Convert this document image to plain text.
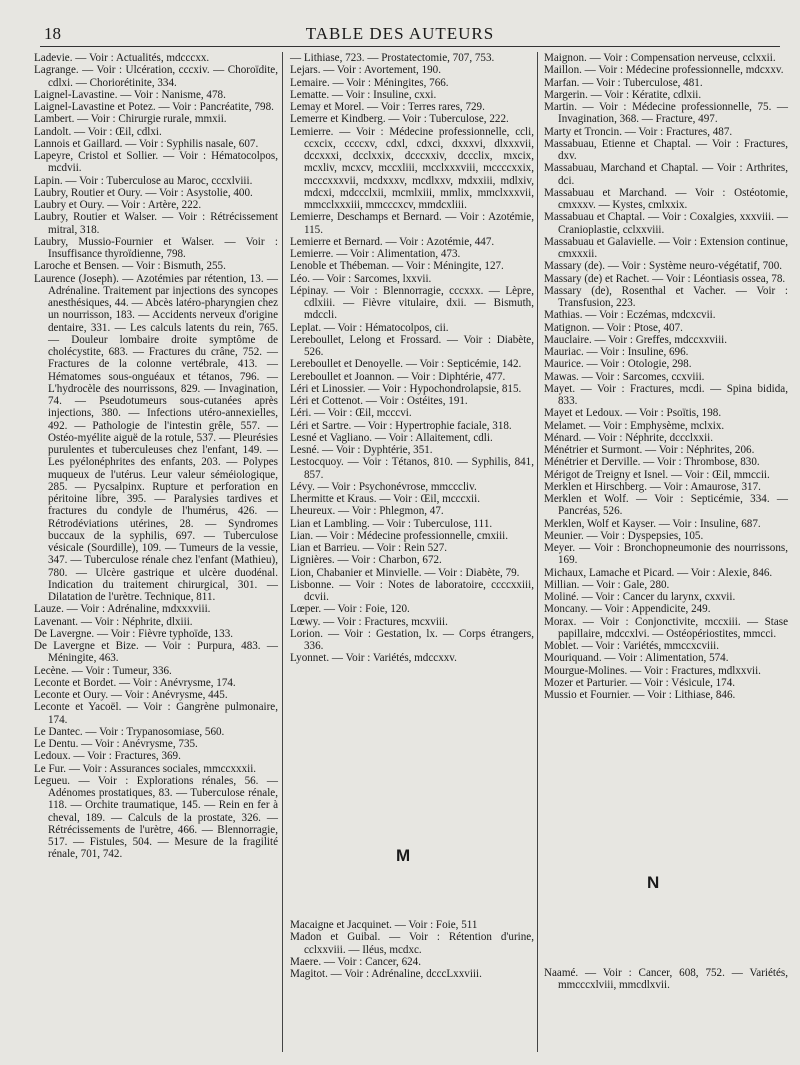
18	TABLE DES AUTEURS

Ladevie. — Voir : Actualités, mdcccxx.

Lagrange. — Voir : Ulcération, cccxiv. — Choroïdite, cdlxi. — Choriorétinite, 334.

Laignel-Lavastine. — Voir : Nanisme, 478.

Laignel-Lavastine et Potez. — Voir : Pancréatite, 798.

Lambert. — Voir : Chirurgie rurale, mmxii.

Landolt. — Voir : Œil, cdlxi.

Lannois et Gaillard. — Voir : Syphilis nasale, 607.

Lapeyre, Cristol et Sollier. — Voir : Hématocolpos, mcdvii.

Lapin. — Voir : Tuberculose au Maroc, cccxlviii.

Laubry, Routier et Oury. — Voir : Asystolie, 400.

Laubry et Oury. — Voir : Artère, 222.

Laubry, Routier et Walser. — Voir : Rétrécissement mitral, 318.

Laubry, Mussio-Fournier et Walser. — Voir : Insuffisance thyroïdienne, 798.

Laroche et Bensen. — Voir : Bismuth, 255.

Laurence (Joseph). — Azotémies par rétention, 13. — Adrénaline. Traitement par injections des syncopes anesthésiques, 44. — Abcès latéro-pharyngien chez un nourrisson, 183. — Accidents nerveux d'origine dentaire, 331. — Les calculs latents du rein, 765. — Douleur lombaire droite symptôme de cholécystite, 683. — Fractures du crâne, 752. — Fractures de la colonne vertébrale, 413. — Hématomes sous-onguéaux et tétanos, 796. — L'hydrocèle des nourrissons, 829. — Invagination, 74. — Pseudotumeurs sous-cutanées après injections, 380. — Infections utéro-annexielles, 492. — Pathologie de l'intestin grêle, 557. — Ostéo-myélite aiguë de la rotule, 537. — Pleurésies purulentes et tuberculeuses chez l'enfant, 149. — Les pyélonéphrites des enfants, 203. — Polypes muqueux de l'utérus. Leur valeur séméiologique, 285. — Pycsalpinx. Rupture et perforation en péritoine libre, 395. — Paralysies tardives et fractures du condyle de l'humérus, 426. — Rétrodéviations utérines, 28. — Syndromes buccaux de la syphilis, 697. — Tuberculose vésicale (Sourdille), 109. — Tumeurs de la vessie, 347. — Tuberculose rénale chez l'enfant (Mathieu), 780. — Ulcère gastrique et ulcère duodénal. Indication du traitement chirurgical, 301. — Dilatation de l'urètre. Technique, 811.

Lauze. — Voir : Adrénaline, mdxxxviii.

Lavenant. — Voir : Néphrite, dlxiii.

De Lavergne. — Voir : Fièvre typhoïde, 133.

De Lavergne et Bize. — Voir : Purpura, 483. — Méningite, 463.

Lecène. — Voir : Tumeur, 336.

Leconte et Bordet. — Voir : Anévrysme, 174.

Leconte et Oury. — Voir : Anévrysme, 445.

Leconte et Yacoël. — Voir : Gangrène pulmonaire, 174.

Le Dantec. — Voir : Trypanosomiase, 560.

Le Dentu. — Voir : Anévrysme, 735.

Ledoux. — Voir : Fractures, 369.

Le Fur. — Voir : Assurances sociales, mmccxxxii.

Legueu. — Voir : Explorations rénales, 56. — Adénomes prostatiques, 83. — Tuberculose rénale, 118. — Orchite traumatique, 145. — Rein en fer à cheval, 189. — Calculs de la prostate, 326. — Rétrécissements de l'urètre, 466. — Blennorragie, 517. — Fistules, 504. — Mesure de la fragilité rénale, 701, 742.

— Lithiase, 723. — Prostatectomie, 707, 753.

Lejars. — Voir : Avortement, 190.

Lemaire. — Voir : Méningites, 766.

Lematte. — Voir : Insuline, cxxi.

Lemay et Morel. — Voir : Terres rares, 729.

Lemerre et Kindberg. — Voir : Tuberculose, 222.

Lemierre. — Voir : Médecine professionnelle, ccli, ccxcix, ccccxv, cdxl, cdxci, dxxxvi, dlxxxvii, dccxxxi, dcclxxix, dcccxxiv, dccclix, mxcix, mcxliv, mcxcv, mccxliii, mcclxxxviii, mccccxxix, mcccxxxvii, mcdxxxv, mcdlxxv, mdxxiii, mdlxiv, mdcxi, mdccclxii, mcmlxiii, mmlix, mmclxxxvii, mmcclxxxiii, mmcccxcv, mmdcxliii.

Lemierre, Deschamps et Bernard. — Voir : Azotémie, 115.

Lemierre et Bernard. — Voir : Azotémie, 447.

Lemierre. — Voir : Alimentation, 473.

Lenoble et Thébeman. — Voir : Méningite, 127.

Léo. — Voir : Sarcomes, lxxvii.

Lépinay. — Voir : Blennorragie, cccxxx. — Lèpre, cdlxiii. — Fièvre vitulaire, dxii. — Bismuth, mdccli.

Leplat. — Voir : Hématocolpos, cii.

Lereboullet, Lelong et Frossard. — Voir : Diabète, 526.

Lereboullet et Denoyelle. — Voir : Septicémie, 142.

Lereboullet et Joannon. — Voir : Diphtérie, 477.

Léri et Linossier. — Voir : Hypochondrolapsie, 815.

Léri et Cottenot. — Voir : Ostéites, 191.

Léri. — Voir : Œil, mcccvi.

Léri et Sartre. — Voir : Hypertrophie faciale, 318.

Lesné et Vagliano. — Voir : Allaitement, cdli.

Lesné. — Voir : Dyphtérie, 351.

Lestocquoy. — Voir : Tétanos, 810. — Syphilis, 841, 857.

Lévy. — Voir : Psychonévrose, mmcccliv.

Lhermitte et Kraus. — Voir : Œil, mcccxii.

Lheureux. — Voir : Phlegmon, 47.

Lian et Lambling. — Voir : Tuberculose, 111.

Lian. — Voir : Médecine professionnelle, cmxiii.

Lian et Barrieu. — Voir : Rein 527.

Lignières. — Voir : Charbon, 672.

Lion, Chabanier et Minvielle. — Voir : Diabète, 79.

Lisbonne. — Voir : Notes de laboratoire, ccccxxiii, dcvii.

Lœper. — Voir : Foie, 120.

Lœwy. — Voir : Fractures, mcxviii.

Lorion. — Voir : Gestation, lx. — Corps étrangers, 336.

Lyonnet. — Voir : Variétés, mdccxxv.

Maignon. — Voir : Compensation nerveuse, cclxxii.

Maillon. — Voir : Médecine professionnelle, mdcxxv.

Marfan. — Voir : Tuberculose, 481.

Margerin. — Voir : Kératite, cdlxii.

Martin. — Voir : Médecine professionnelle, 75. — Invagination, 368. — Fracture, 497.

Marty et Troncin. — Voir : Fractures, 487.

Massabuau, Etienne et Chaptal. — Voir : Fractures, dxv.

Massabuau, Marchand et Chaptal. — Voir : Arthrites, dci.

Massabuau et Marchand. — Voir : Ostéotomie, cmxxxv. — Kystes, cmlxxix.

Massabuau et Chaptal. — Voir : Coxalgies, xxxviii. — Cranioplastie, cclxxviii.

Massabuau et Galavielle. — Voir : Extension continue, cmxxxii.

Massary (de). — Voir : Système neuro-végétatif, 700.

Massary (de) et Rachet. — Voir : Léontiasis ossea, 78.

Massary (de), Rosenthal et Vacher. — Voir : Transfusion, 223.

Mathias. — Voir : Eczémas, mdcxcvii.

Matignon. — Voir : Ptose, 407.

Mauclaire. — Voir : Greffes, mdccxxviii.

Mauriac. — Voir : Insuline, 696.

Maurice. — Voir : Otologie, 298.

Mawas. — Voir : Sarcomes, ccxviii.

Mayet. — Voir : Fractures, mcdi. — Spina bidida, 833.

Mayet et Ledoux. — Voir : Psoïtis, 198.

Melamet. — Voir : Emphysème, mclxix.

Ménard. — Voir : Néphrite, dccclxxii.

Ménétrier et Surmont. — Voir : Néphrites, 206.

Ménétrier et Derville. — Voir : Thrombose, 830.

Mérigot de Treigny et Isnel. — Voir : Œil, mmccii.

Merklen et Hirschberg. — Voir : Amaurose, 317.

Merklen et Wolf. — Voir : Septicémie, 334. — Pancréas, 526.

Merklen, Wolf et Kayser. — Voir : Insuline, 687.

Meunier. — Voir : Dyspepsies, 105.

Meyer. — Voir : Bronchopneumonie des nourrissons, 169.

Michaux, Lamache et Picard. — Voir : Alexie, 846.

Millian. — Voir : Gale, 280.

Moliné. — Voir : Cancer du larynx, cxxvii.

Moncany. — Voir : Appendicite, 249.

Morax. — Voir : Conjonctivite, mccxiii. — Stase papillaire, mdccxlvi. — Ostéopériostites, mmcci.

Moblet. — Voir : Variétés, mmccxcviii.

Mouriquand. — Voir : Alimentation, 574.

Mourgue-Molines. — Voir : Fractures, mdlxxvii.

Mozer et Parturier. — Voir : Vésicule, 174.

Mussio et Fournier. — Voir : Lithiase, 846.

M
N

Macaigne et Jacquinet. — Voir : Foie, 511

Madon et Guibal. — Voir : Rétention d'urine, cclxxviii. — Iléus, mcdxc.

Maere. — Voir : Cancer, 624.

Magitot. — Voir : Adrénaline, dcccLxxviii.	Naamé. — Voir : Cancer, 608, 752. — Variétés, mmcccxlviii, mmcdlxvii.
